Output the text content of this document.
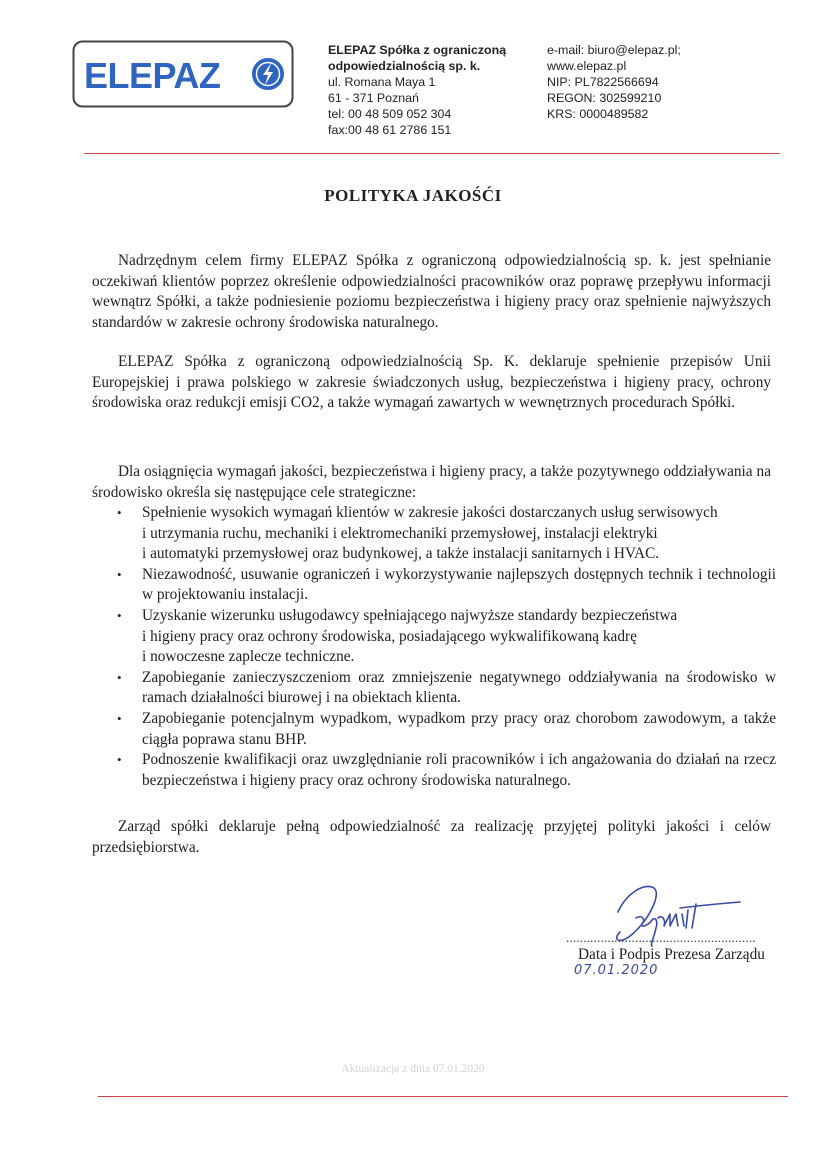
ELEPAZ
ELEPAZ Spółka z ograniczoną
odpowiedzialnością sp. k.
ul. Romana Maya 1
61 - 371 Poznań
tel: 00 48 509 052 304
fax:00 48 61 2786 151
e-mail: biuro@elepaz.pl;
www.elepaz.pl
NIP: PL7822566694
REGON: 302599210
KRS: 0000489582
POLITYKA JAKOŚĆI
Nadrzędnym celem firmy ELEPAZ Spółka z ograniczoną odpowiedzialnością sp. k. jest spełnianie oczekiwań klientów poprzez określenie odpowiedzialności pracowników oraz poprawę przepływu informacji wewnątrz Spółki, a także podniesienie poziomu bezpieczeństwa i higieny pracy oraz spełnienie najwyższych standardów w zakresie ochrony środowiska naturalnego.
ELEPAZ Spółka z ograniczoną odpowiedzialnością Sp. K. deklaruje spełnienie przepisów Unii Europejskiej i prawa polskiego w zakresie świadczonych usług, bezpieczeństwa i higieny pracy, ochrony środowiska oraz redukcji emisji CO2, a także wymagań zawartych w wewnętrznych procedurach Spółki.
Dla osiągnięcia wymagań jakości, bezpieczeństwa i higieny pracy, a także pozytywnego oddziaływania na środowisko określa się następujące cele strategiczne:
• Spełnienie wysokich wymagań klientów w zakresie jakości dostarczanych usług serwisowych
i utrzymania ruchu, mechaniki i elektromechaniki przemysłowej, instalacji elektryki
i automatyki przemysłowej oraz budynkowej, a także instalacji sanitarnych i HVAC.
• Niezawodność, usuwanie ograniczeń i wykorzystywanie najlepszych dostępnych technik i technologii w projektowaniu instalacji.
• Uzyskanie wizerunku usługodawcy spełniającego najwyższe standardy bezpieczeństwa
i higieny pracy oraz ochrony środowiska, posiadającego wykwalifikowaną kadrę
i nowoczesne zaplecze techniczne.
• Zapobieganie zanieczyszczeniom oraz zmniejszenie negatywnego oddziaływania na środowisko w ramach działalności biurowej i na obiektach klienta.
• Zapobieganie potencjalnym wypadkom, wypadkom przy pracy oraz chorobom zawodowym, a także ciągła poprawa stanu BHP.
• Podnoszenie kwalifikacji oraz uwzględnianie roli pracowników i ich angażowania do działań na rzecz bezpieczeństwa i higieny pracy oraz ochrony środowiska naturalnego.
Zarząd spółki deklaruje pełną odpowiedzialność za realizację przyjętej polityki jakości i celów przedsiębiorstwa.
.......................................................
Data i Podpis Prezesa Zarządu
07.01.2020
Aktualizacja z dnia 07.01.2020
